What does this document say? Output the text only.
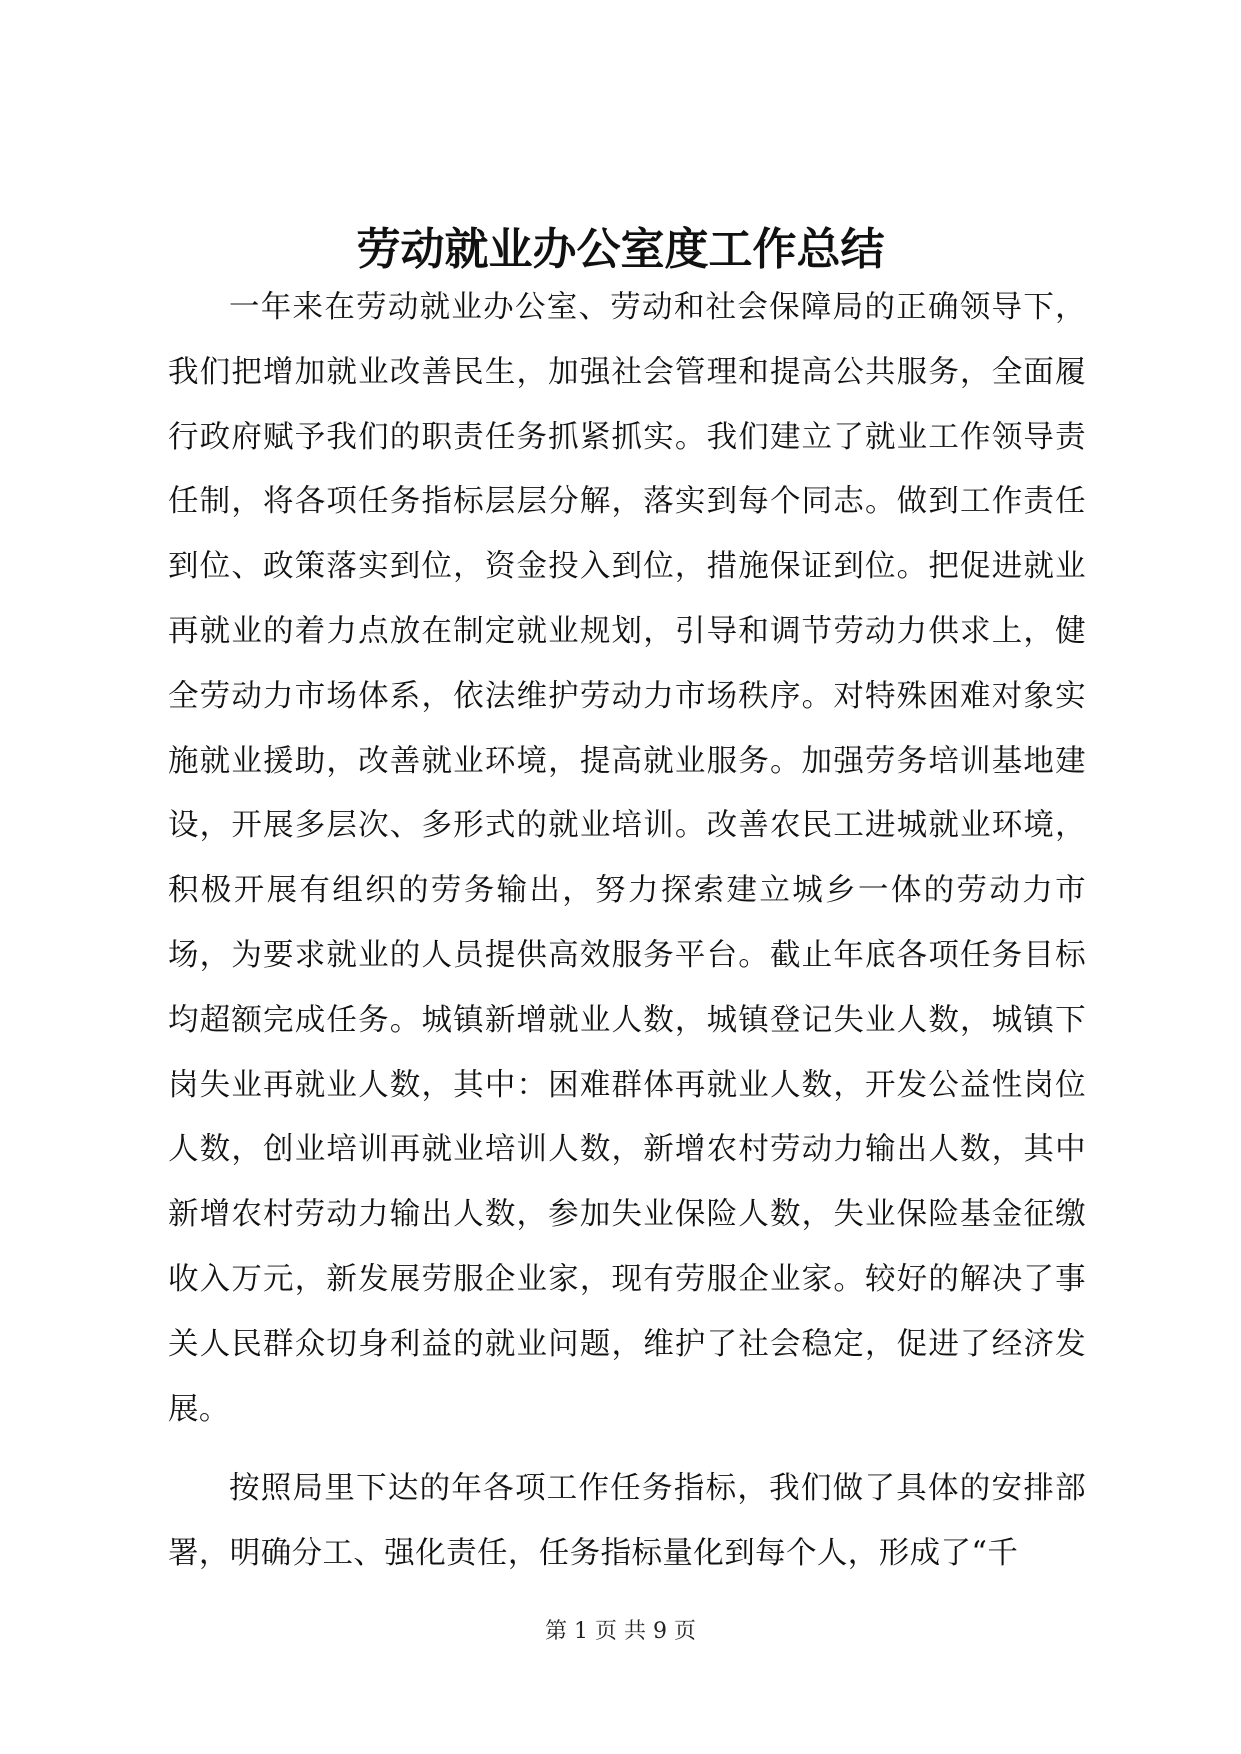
劳动就业办公室度工作总结

一年来在劳动就业办公室、劳动和社会保障局的正确领导下，我们把增加就业改善民生，加强社会管理和提高公共服务，全面履行政府赋予我们的职责任务抓紧抓实。我们建立了就业工作领导责任制，将各项任务指标层层分解，落实到每个同志。做到工作责任到位、政策落实到位，资金投入到位，措施保证到位。把促进就业再就业的着力点放在制定就业规划，引导和调节劳动力供求上，健全劳动力市场体系，依法维护劳动力市场秩序。对特殊困难对象实施就业援助，改善就业环境，提高就业服务。加强劳务培训基地建设，开展多层次、多形式的就业培训。改善农民工进城就业环境，积极开展有组织的劳务输出，努力探索建立城乡一体的劳动力市场，为要求就业的人员提供高效服务平台。截止年底各项任务目标均超额完成任务。城镇新增就业人数，城镇登记失业人数，城镇下岗失业再就业人数，其中：困难群体再就业人数，开发公益性岗位人数，创业培训再就业培训人数，新增农村劳动力输出人数，其中新增农村劳动力输出人数，参加失业保险人数，失业保险基金征缴收入万元，新发展劳服企业家，现有劳服企业家。较好的解决了事关人民群众切身利益的就业问题，维护了社会稳定，促进了经济发展。

按照局里下达的年各项工作任务指标，我们做了具体的安排部署，明确分工、强化责任，任务指标量化到每个人，形成了“千

第 1 页 共 9 页
